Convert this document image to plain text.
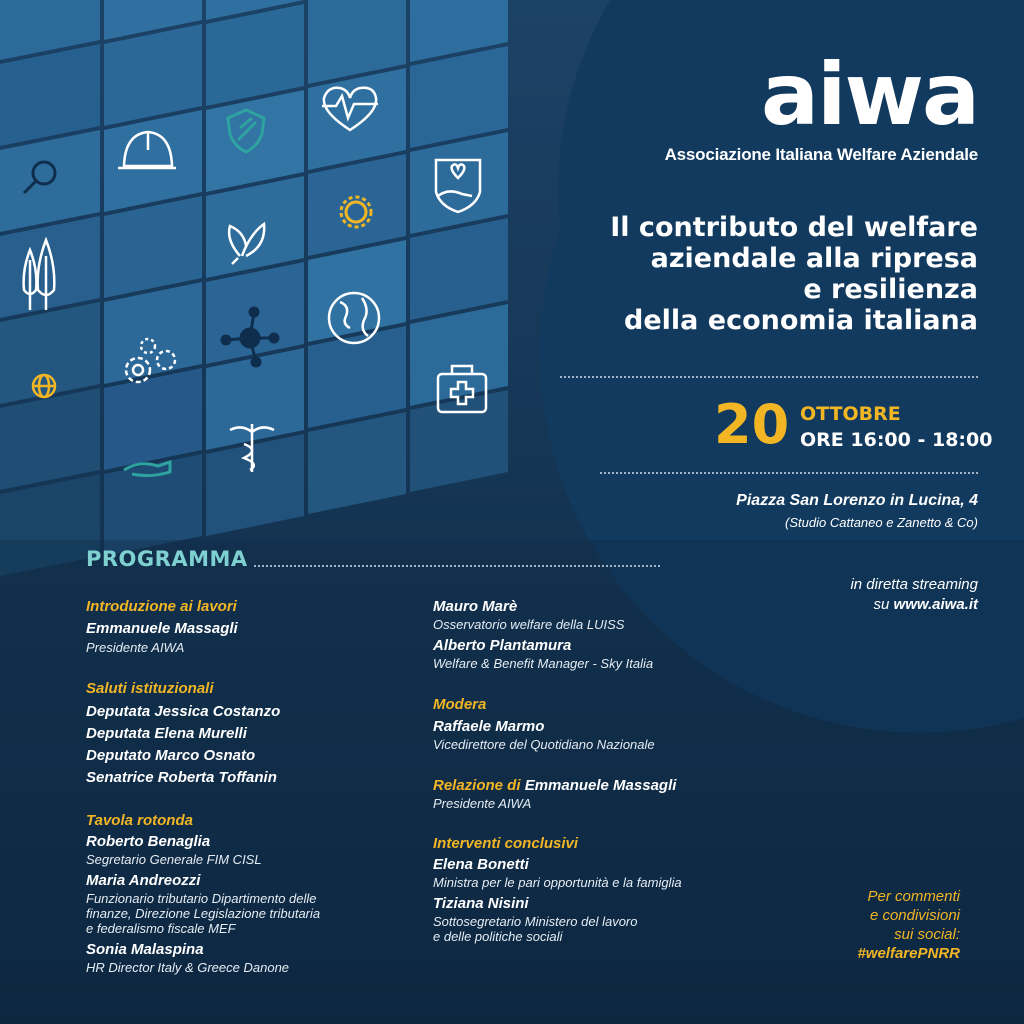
aiwa
Associazione Italiana Welfare Aziendale
Il contributo del welfare
aziendale alla ripresa
e resilienza
della economia italiana
20 OTTOBRE
ORE 16:00 - 18:00
Piazza San Lorenzo in Lucina, 4
(Studio Cattaneo e Zanetto & Co)
in diretta streaming
su www.aiwa.it
PROGRAMMA
Introduzione ai lavori
Emmanuele Massagli
Presidente AIWA
Saluti istituzionali
Deputata Jessica Costanzo
Deputata Elena Murelli
Deputato Marco Osnato
Senatrice Roberta Toffanin
Tavola rotonda
Roberto Benaglia
Segretario Generale FIM CISL
Maria Andreozzi
Funzionario tributario Dipartimento delle
finanze, Direzione Legislazione tributaria
e federalismo fiscale MEF
Sonia Malaspina
HR Director Italy & Greece Danone
Mauro Marè
Osservatorio welfare della LUISS
Alberto Plantamura
Welfare & Benefit Manager - Sky Italia
Modera
Raffaele Marmo
Vicedirettore del Quotidiano Nazionale
Relazione di Emmanuele Massagli
Presidente AIWA
Interventi conclusivi
Elena Bonetti
Ministra per le pari opportunità e la famiglia
Tiziana Nisini
Sottosegretario Ministero del lavoro
e delle politiche sociali
Per commenti
e condivisioni
sui social:
#welfarePNRR
